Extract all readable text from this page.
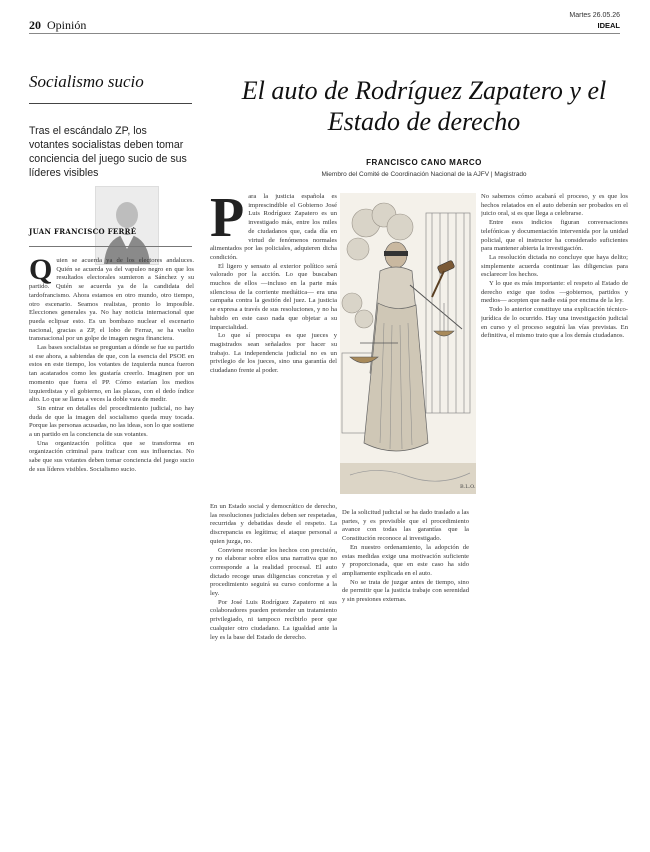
20 Opinión
Martes 26.05.26
IDEAL
Socialismo sucio
Tras el escándalo ZP, los votantes socialistas deben tomar conciencia del juego sucio de sus líderes visibles
JUAN FRANCISCO FERRÉ

Quien se acuerda ya de los electores andaluces. Quién se acuerda ya del vapuleo negro en que los resultados electorales sumieron a Sánchez y su partido. Quién se acuerda ya de la candidata del tardofrancismo. Ahora estamos en otro mundo, otro tiempo, otro escenario. Seamos realistas, pronto lo imposible. Elecciones generales ya. No hay noticia internacional que pueda eclipsar esto. Es un bombazo nuclear el escenario nacional, gracias a ZP, el lobo de Ferraz, se ha vuelto transnacional por un golpe de imagen negra financiera.

Las bases socialistas se preguntan a dónde se fue su partido si ese ahora, a sabiendas de que, con la esencia del PSOE en estos en este tiempo, los votantes de izquierda nunca fueron tan acatarados como les gustaría creerlo. Imaginen por un momento que fuera el PP. Cómo estarían los medios izquierdistas y el gobierno, en las plazas, con el dedo índice alto. Lo que se llama a veces la doble vara de medir.

Sin entrar en detalles del procedimiento judicial, no hay duda de que la imagen del socialismo queda muy tocada. Porque las personas acusadas, no las ideas, son lo que sostiene a un partido en la conciencia de sus votantes.

Una organización política que se transforma en organización criminal para traficar con sus influencias. No sabe que sus votantes deben tomar conciencia del juego sucio de sus líderes visibles. Socialismo sucio.

El auto de Rodríguez Zapatero y el Estado de derecho
FRANCISCO CANO MARCO
Miembro del Comité de Coordinación Nacional de la AJFV | Magistrado

Para la justicia española es imprescindible el Gobierno José Luis Rodríguez Zapatero es un investigado más, entre los miles de ciudadanos que, cada día en virtud de fenómenos normales alimentados por las policiales, adquieren dicha condición.

El ligero y sensato al exterior político será valorado por la acción. Lo que buscaban muchos de ellos —incluso en la parte más silenciosa de la corriente mediática— era una campaña contra la gestión del juez. La justicia se expresa a través de sus resoluciones, y no ha habido en este caso nada que objetar a su imparcialidad.

Lo que sí preocupa es que jueces y magistrados sean señalados por hacer su trabajo. La independencia judicial no es un privilegio de los jueces, sino una garantía del ciudadano frente al poder.

B.L.O.

En un Estado social y democrático de derecho, las resoluciones judiciales deben ser respetadas, recurridas y debatidas desde el respeto. La discrepancia es legítima; el ataque personal a quien juzga, no.

Conviene recordar los hechos con precisión, y no elaborar sobre ellos una narrativa que no corresponde a la realidad procesal. El auto dictado recoge unas diligencias concretas y el procedimiento seguirá su curso conforme a la ley.

Por José Luis Rodríguez Zapatero ni sus colaboradores pueden pretender un tratamiento privilegiado, ni tampoco recibirlo peor que cualquier otro ciudadano. La igualdad ante la ley es la base del Estado de derecho.

De la solicitud judicial se ha dado traslado a las partes, y es previsible que el procedimiento avance con todas las garantías que la Constitución reconoce al investigado.

En nuestro ordenamiento, la adopción de estas medidas exige una motivación suficiente y proporcionada, que en este caso ha sido ampliamente explicada en el auto.

No se trata de juzgar antes de tiempo, sino de permitir que la justicia trabaje con serenidad y sin presiones externas.

No sabemos cómo acabará el proceso, y es que los hechos relatados en el auto deberán ser probados en el juicio oral, si es que llega a celebrarse.

Entre esos indicios figuran conversaciones telefónicas y documentación intervenida por la unidad policial, que el instructor ha considerado suficientes para mantener abierta la investigación.

La resolución dictada no concluye que haya delito; simplemente acuerda continuar las diligencias para esclarecer los hechos.

Y lo que es más importante: el respeto al Estado de derecho exige que todos —gobiernos, partidos y medios— acepten que nadie está por encima de la ley.

Todo lo anterior constituye una explicación técnico-jurídica de lo ocurrido. Hay una investigación judicial en curso y el proceso seguirá las vías previstas. En definitiva, el mismo trato que a los demás ciudadanos.
